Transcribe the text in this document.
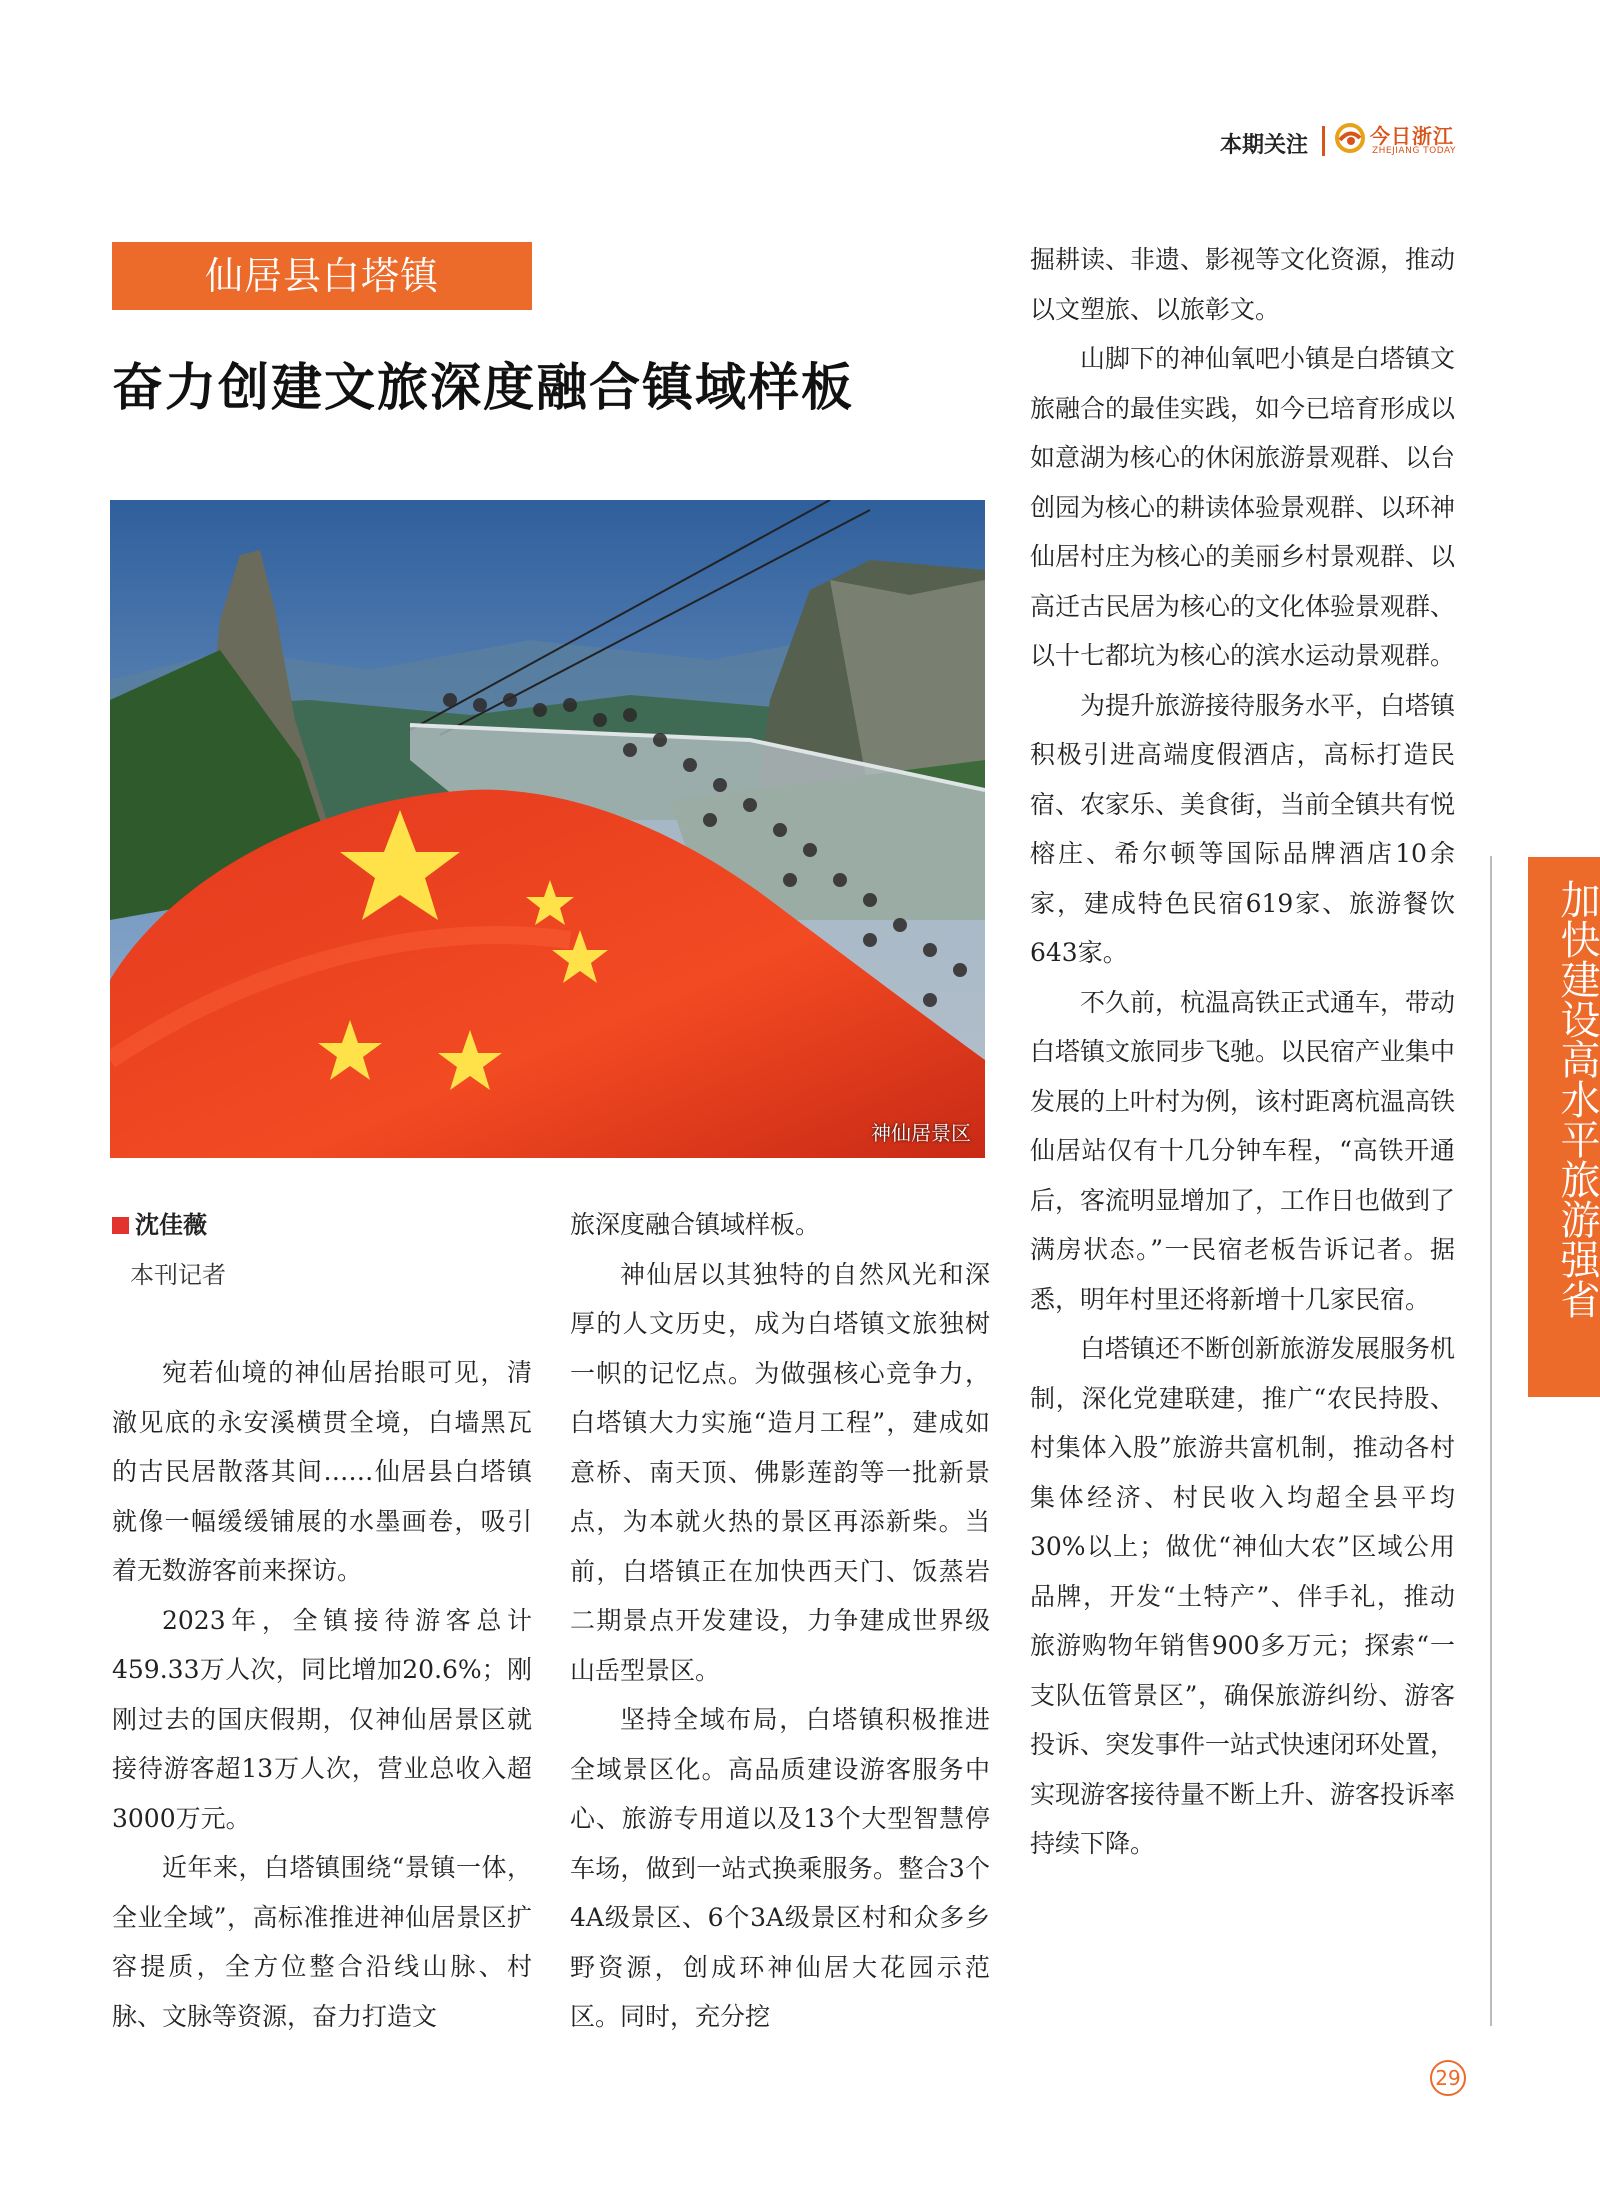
本期关注	今日浙江
ZHEJIANG TODAY
仙居县白塔镇
奋力创建文旅深度融合镇域样板
神仙居景区
沈佳薇
本刊记者

宛若仙境的神仙居抬眼可见，清澈见底的永安溪横贯全境，白墙黑瓦的古民居散落其间……仙居县白塔镇就像一幅缓缓铺展的水墨画卷，吸引着无数游客前来探访。

2023年，全镇接待游客总计459.33万人次，同比增加20.6%；刚刚过去的国庆假期，仅神仙居景区就接待游客超13万人次，营业总收入超3000万元。

近年来，白塔镇围绕“景镇一体，全业全域”，高标准推进神仙居景区扩容提质，全方位整合沿线山脉、村脉、文脉等资源，奋力打造文

旅深度融合镇域样板。

神仙居以其独特的自然风光和深厚的人文历史，成为白塔镇文旅独树一帜的记忆点。为做强核心竞争力，白塔镇大力实施“造月工程”，建成如意桥、南天顶、佛影莲韵等一批新景点，为本就火热的景区再添新柴。当前，白塔镇正在加快西天门、饭蒸岩二期景点开发建设，力争建成世界级山岳型景区。

坚持全域布局，白塔镇积极推进全域景区化。高品质建设游客服务中心、旅游专用道以及13个大型智慧停车场，做到一站式换乘服务。整合3个4A级景区、6个3A级景区村和众多乡野资源，创成环神仙居大花园示范区。同时，充分挖

掘耕读、非遗、影视等文化资源，推动以文塑旅、以旅彰文。

山脚下的神仙氧吧小镇是白塔镇文旅融合的最佳实践，如今已培育形成以如意湖为核心的休闲旅游景观群、以台创园为核心的耕读体验景观群、以环神仙居村庄为核心的美丽乡村景观群、以高迁古民居为核心的文化体验景观群、以十七都坑为核心的滨水运动景观群。

为提升旅游接待服务水平，白塔镇积极引进高端度假酒店，高标打造民宿、农家乐、美食街，当前全镇共有悦榕庄、希尔顿等国际品牌酒店10余家，建成特色民宿619家、旅游餐饮643家。

不久前，杭温高铁正式通车，带动白塔镇文旅同步飞驰。以民宿产业集中发展的上叶村为例，该村距离杭温高铁仙居站仅有十几分钟车程，“高铁开通后，客流明显增加了，工作日也做到了满房状态。”一民宿老板告诉记者。据悉，明年村里还将新增十几家民宿。

白塔镇还不断创新旅游发展服务机制，深化党建联建，推广“农民持股、村集体入股”旅游共富机制，推动各村集体经济、村民收入均超全县平均30%以上；做优“神仙大农”区域公用品牌，开发“土特产”、伴手礼，推动旅游购物年销售900多万元；探索“一支队伍管景区”，确保旅游纠纷、游客投诉、突发事件一站式快速闭环处置，实现游客接待量不断上升、游客投诉率持续下降。

加快建设高水平旅游强省
29
